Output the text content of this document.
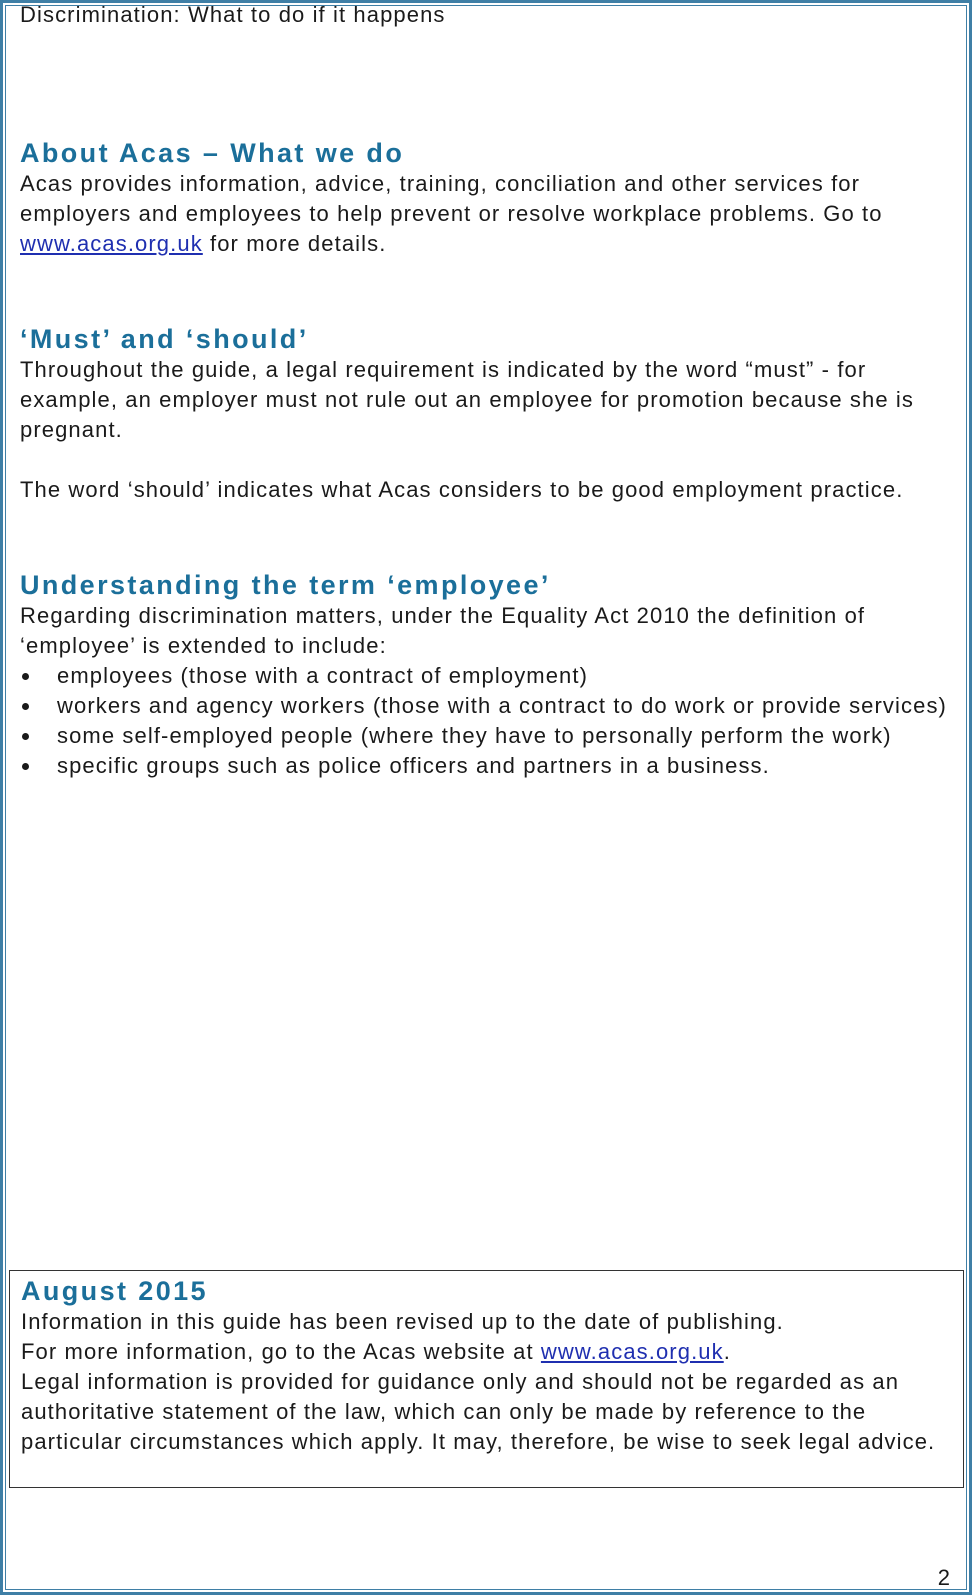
Discrimination: What to do if it happens
About Acas – What we do

Acas provides information, advice, training, conciliation and other services for employers and employees to help prevent or resolve workplace problems. Go to www.acas.org.uk for more details.

‘Must’ and ‘should’

Throughout the guide, a legal requirement is indicated by the word “must” - for example, an employer must not rule out an employee for promotion because she is pregnant.

The word ‘should’ indicates what Acas considers to be good employment practice.

Understanding the term ‘employee’

Regarding discrimination matters, under the Equality Act 2010 the definition of ‘employee’ is extended to include:

employees (those with a contract of employment)
workers and agency workers (those with a contract to do work or provide services)
some self-employed people (where they have to personally perform the work)
specific groups such as police officers and partners in a business.
August 2015

Information in this guide has been revised up to the date of publishing.

For more information, go to the Acas website at www.acas.org.uk.

Legal information is provided for guidance only and should not be regarded as an authoritative statement of the law, which can only be made by reference to the particular circumstances which apply. It may, therefore, be wise to seek legal advice.

2
